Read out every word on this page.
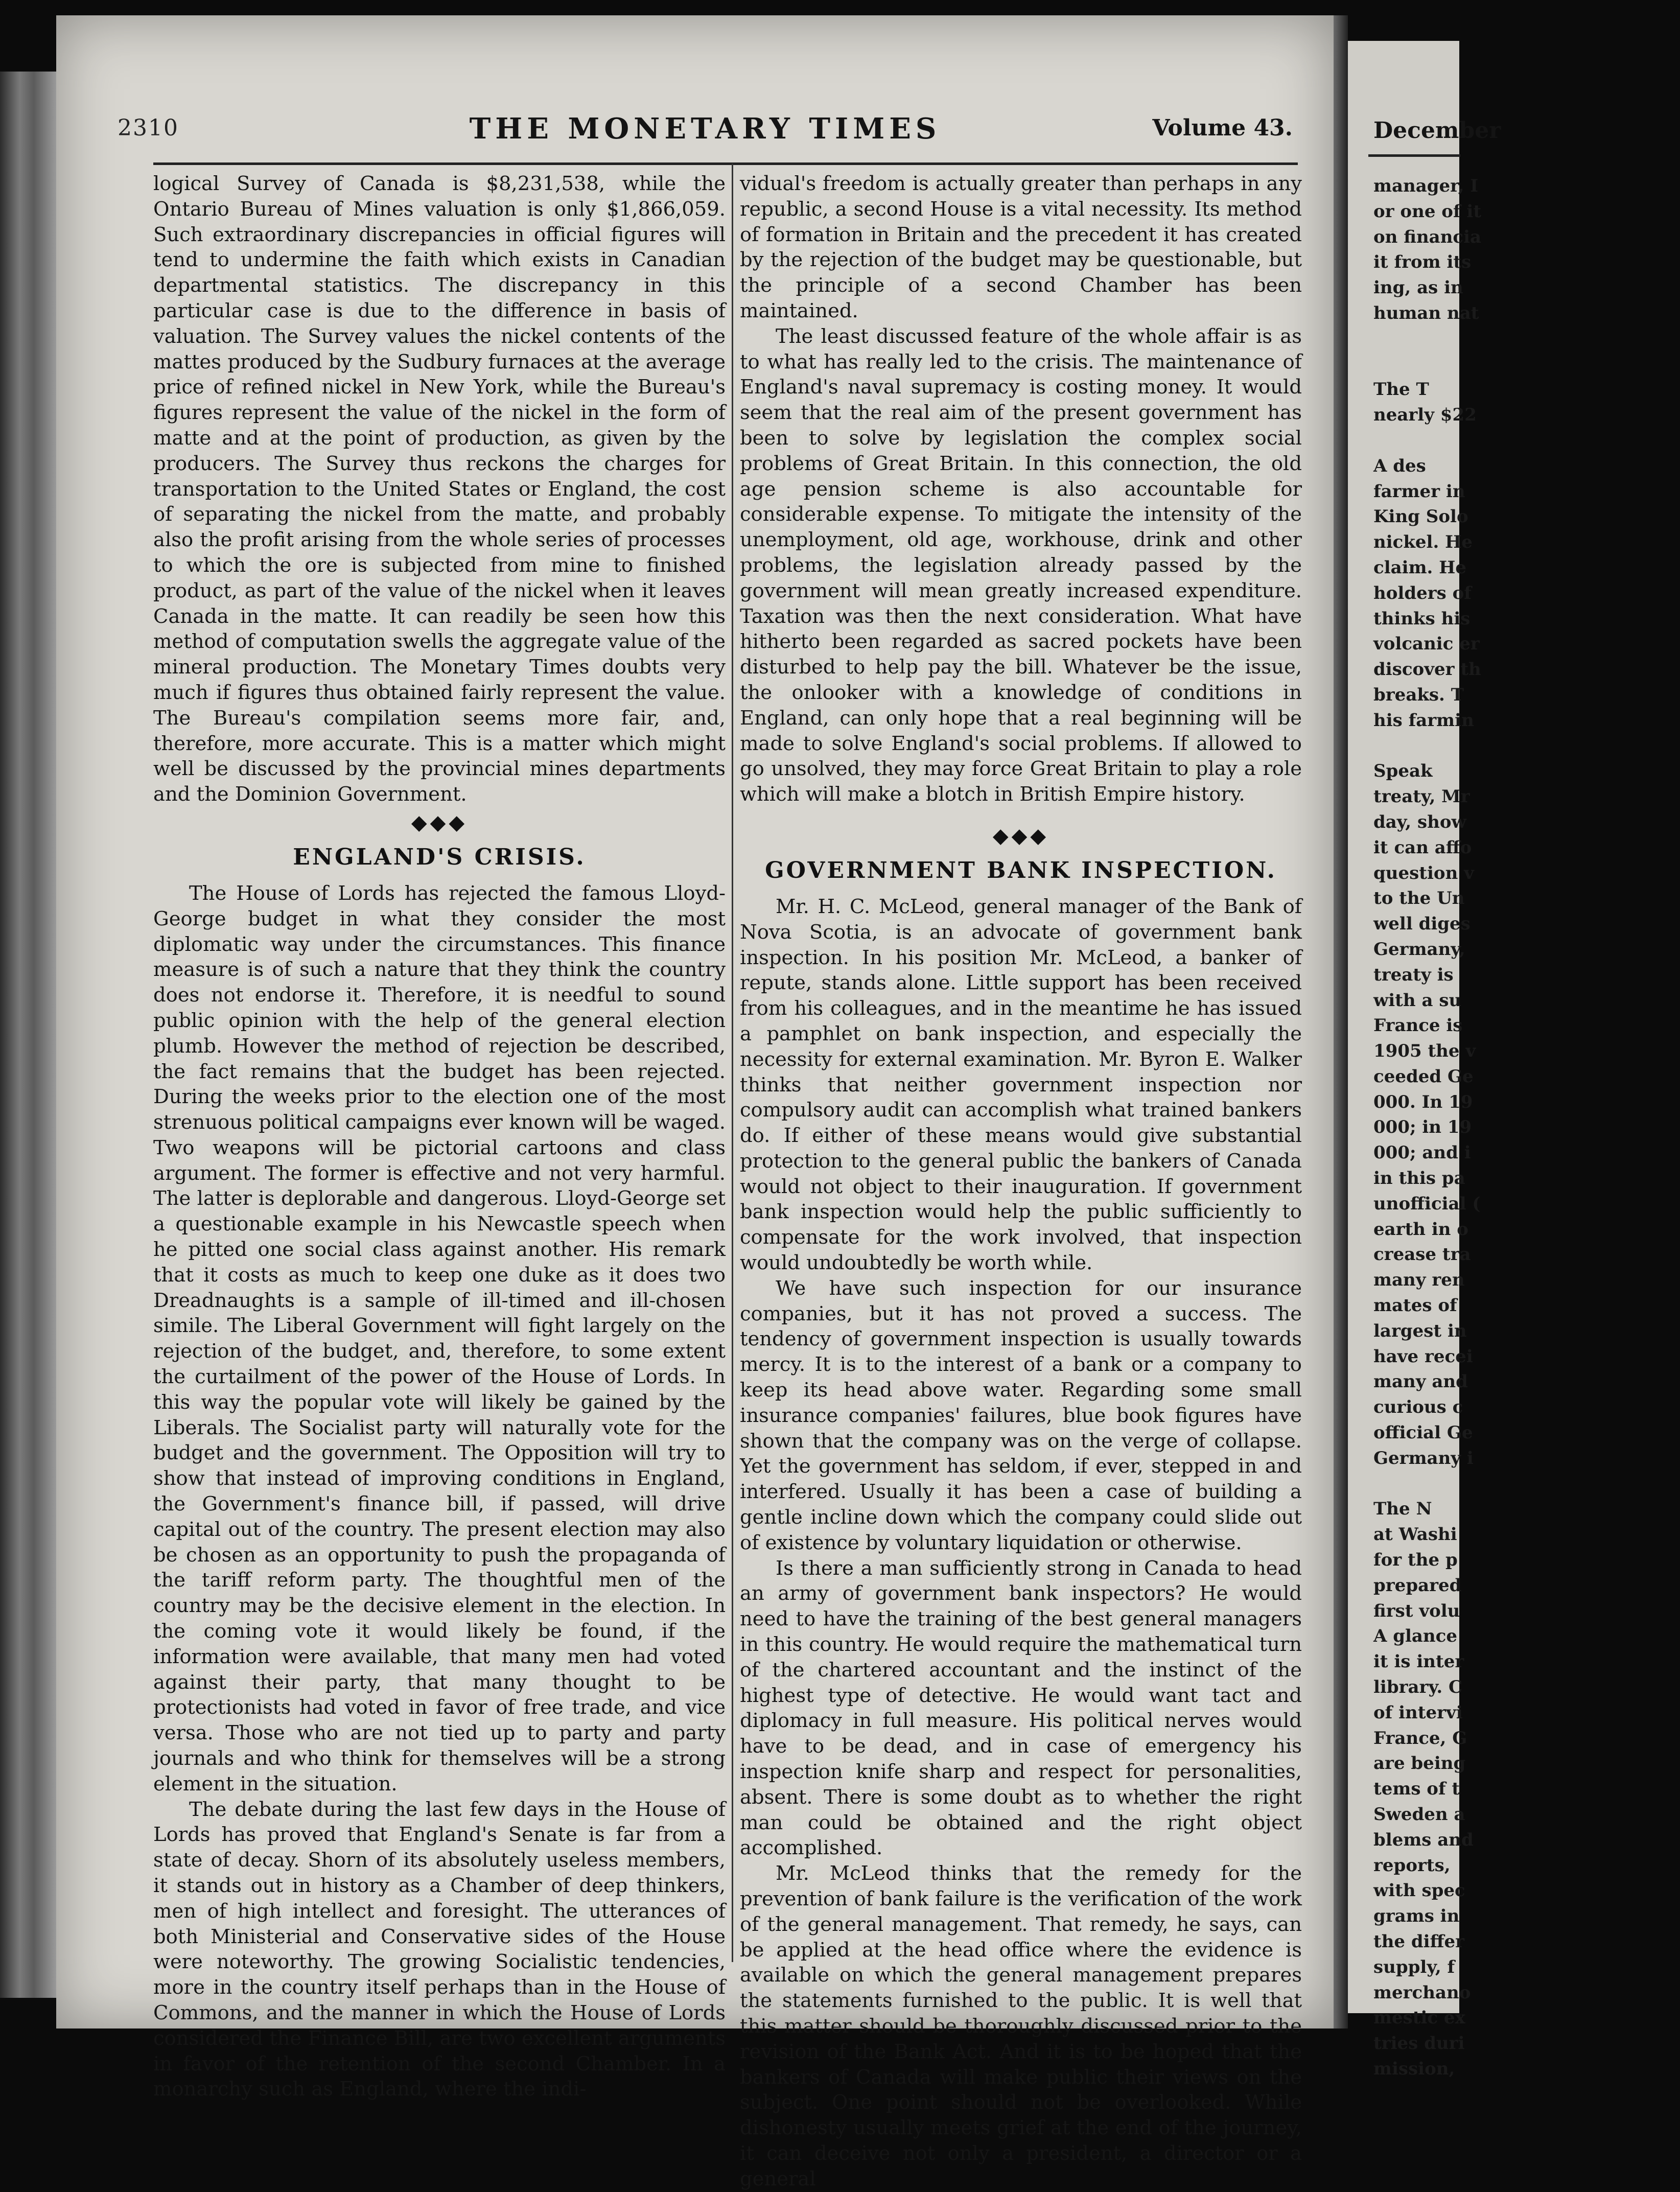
December
manager, I
or one of it
on financia
it from its
ing, as in
human nat

The T
nearly $22

A des
farmer in
King Solo
nickel. He
claim. He
holders of
thinks his
volcanic er
discover th
breaks. T
his farmin

Speak
treaty, Mr
day, show
it can affo
question v
to the Un
well diges
Germany,
treaty is
with a su
France is
1905 the v
ceeded Ge
000. In 19
000; in 19
000; and i
in this pa
unofficial (
earth in o
crease tra
many ren
mates of
largest in
have recei
many and
curious c
official Ge
Germany i

The N
at Washi
for the p
prepared
first volu
A glance
it is inter
library. C
of intervi
France, G
are being
tems of t
Sweden a
blems and
reports,
with spec
grams in
the differ
supply, f
merchano
mestic ex
tries duri
mission,
2310	THE MONETARY TIMES	Volume 43.

logical Survey of Canada is $8,231,538, while the Ontario Bureau of Mines valuation is only $1,866,059. Such extraordinary discrepancies in official figures will tend to undermine the faith which exists in Canadian departmental statistics. The discrepancy in this particular case is due to the difference in basis of valuation. The Survey values the nickel contents of the mattes produced by the Sudbury furnaces at the average price of refined nickel in New York, while the Bureau's figures represent the value of the nickel in the form of matte and at the point of production, as given by the producers. The Survey thus reckons the charges for transportation to the United States or England, the cost of separating the nickel from the matte, and probably also the profit arising from the whole series of processes to which the ore is subjected from mine to finished product, as part of the value of the nickel when it leaves Canada in the matte. It can readily be seen how this method of computation swells the aggregate value of the mineral production. The Monetary Times doubts very much if figures thus obtained fairly represent the value. The Bureau's compilation seems more fair, and, therefore, more accurate. This is a matter which might well be discussed by the provincial mines departments and the Dominion Government.

◆◆◆
ENGLAND'S CRISIS.

The House of Lords has rejected the famous Lloyd-George budget in what they consider the most diplomatic way under the circumstances. This finance measure is of such a nature that they think the country does not endorse it. Therefore, it is needful to sound public opinion with the help of the general election plumb. However the method of rejection be described, the fact remains that the budget has been rejected. During the weeks prior to the election one of the most strenuous political campaigns ever known will be waged. Two weapons will be pictorial cartoons and class argument. The former is effective and not very harmful. The latter is deplorable and dangerous. Lloyd-George set a questionable example in his Newcastle speech when he pitted one social class against another. His remark that it costs as much to keep one duke as it does two Dreadnaughts is a sample of ill-timed and ill-chosen simile. The Liberal Government will fight largely on the rejection of the budget, and, therefore, to some extent the curtailment of the power of the House of Lords. In this way the popular vote will likely be gained by the Liberals. The Socialist party will naturally vote for the budget and the government. The Opposition will try to show that instead of improving conditions in England, the Government's finance bill, if passed, will drive capital out of the country. The present election may also be chosen as an opportunity to push the propaganda of the tariff reform party. The thoughtful men of the country may be the decisive element in the election. In the coming vote it would likely be found, if the information were available, that many men had voted against their party, that many thought to be protectionists had voted in favor of free trade, and vice versa. Those who are not tied up to party and party journals and who think for themselves will be a strong element in the situation.

The debate during the last few days in the House of Lords has proved that England's Senate is far from a state of decay. Shorn of its absolutely useless members, it stands out in history as a Chamber of deep thinkers, men of high intellect and foresight. The utterances of both Ministerial and Conservative sides of the House were noteworthy. The growing Socialistic tendencies, more in the country itself perhaps than in the House of Commons, and the manner in which the House of Lords considered the Finance Bill, are two excellent arguments in favor of the retention of the second Chamber. In a monarchy such as England, where the indi-

vidual's freedom is actually greater than perhaps in any republic, a second House is a vital necessity. Its method of formation in Britain and the precedent it has created by the rejection of the budget may be questionable, but the principle of a second Chamber has been maintained.

The least discussed feature of the whole affair is as to what has really led to the crisis. The maintenance of England's naval supremacy is costing money. It would seem that the real aim of the present government has been to solve by legislation the complex social problems of Great Britain. In this connection, the old age pension scheme is also accountable for considerable expense. To mitigate the intensity of the unemployment, old age, workhouse, drink and other problems, the legislation already passed by the government will mean greatly increased expenditure. Taxation was then the next consideration. What have hitherto been regarded as sacred pockets have been disturbed to help pay the bill. Whatever be the issue, the onlooker with a knowledge of conditions in England, can only hope that a real beginning will be made to solve England's social problems. If allowed to go unsolved, they may force Great Britain to play a role which will make a blotch in British Empire history.

◆◆◆
GOVERNMENT BANK INSPECTION.

Mr. H. C. McLeod, general manager of the Bank of Nova Scotia, is an advocate of government bank inspection. In his position Mr. McLeod, a banker of repute, stands alone. Little support has been received from his colleagues, and in the meantime he has issued a pamphlet on bank inspection, and especially the necessity for external examination. Mr. Byron E. Walker thinks that neither government inspection nor compulsory audit can accomplish what trained bankers do. If either of these means would give substantial protection to the general public the bankers of Canada would not object to their inauguration. If government bank inspection would help the public sufficiently to compensate for the work involved, that inspection would undoubtedly be worth while.

We have such inspection for our insurance companies, but it has not proved a success. The tendency of government inspection is usually towards mercy. It is to the interest of a bank or a company to keep its head above water. Regarding some small insurance companies' failures, blue book figures have shown that the company was on the verge of collapse. Yet the government has seldom, if ever, stepped in and interfered. Usually it has been a case of building a gentle incline down which the company could slide out of existence by voluntary liquidation or otherwise.

Is there a man sufficiently strong in Canada to head an army of government bank inspectors? He would need to have the training of the best general managers in this country. He would require the mathematical turn of the chartered accountant and the instinct of the highest type of detective. He would want tact and diplomacy in full measure. His political nerves would have to be dead, and in case of emergency his inspection knife sharp and respect for personalities, absent. There is some doubt as to whether the right man could be obtained and the right object accomplished.

Mr. McLeod thinks that the remedy for the prevention of bank failure is the verification of the work of the general management. That remedy, he says, can be applied at the head office where the evidence is available on which the general management prepares the statements furnished to the public. It is well that this matter should be thoroughly discussed prior to the revision of the Bank Act. And it is to be hoped that the bankers of Canada will make public their views on the subject. One point should not be overlooked. While dishonesty usually meets grief at the end of the journey, it can deceive not only a president, a director or a general
